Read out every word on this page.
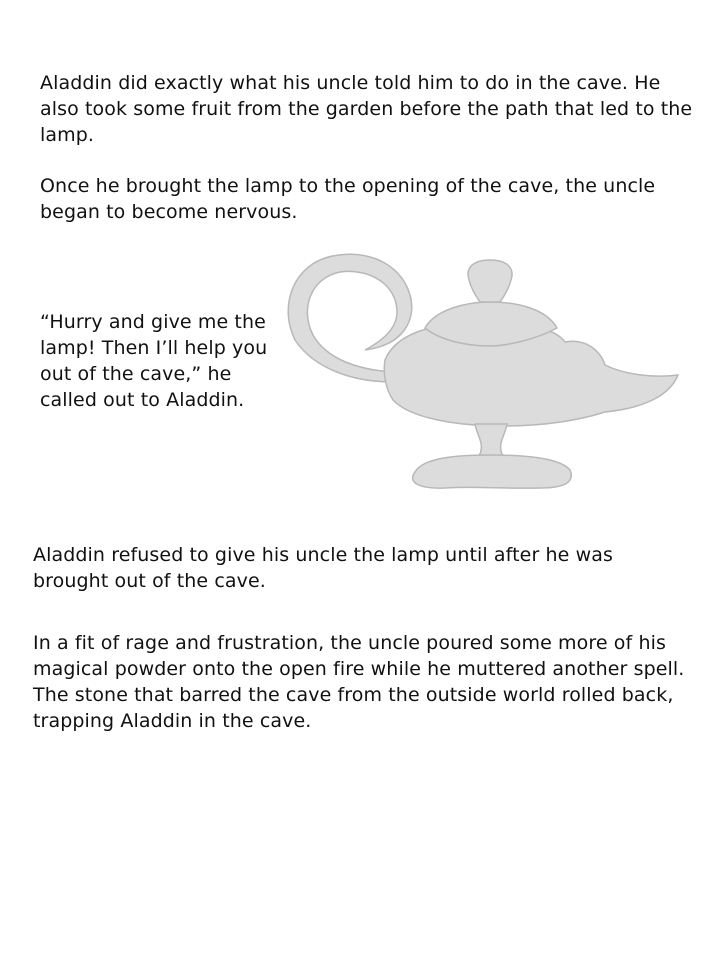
Aladdin did exactly what his uncle told him to do in the cave. He also took some fruit from the garden before the path that led to the lamp.

Once he brought the lamp to the opening of the cave, the uncle began to become nervous.

“Hurry and give me the lamp! Then I’ll help you out of the cave,” he called out to Aladdin.

Aladdin refused to give his uncle the lamp until after he was brought out of the cave.

In a fit of rage and frustration, the uncle poured some more of his magical powder onto the open fire while he muttered another spell. The stone that barred the cave from the outside world rolled back, trapping Aladdin in the cave.
